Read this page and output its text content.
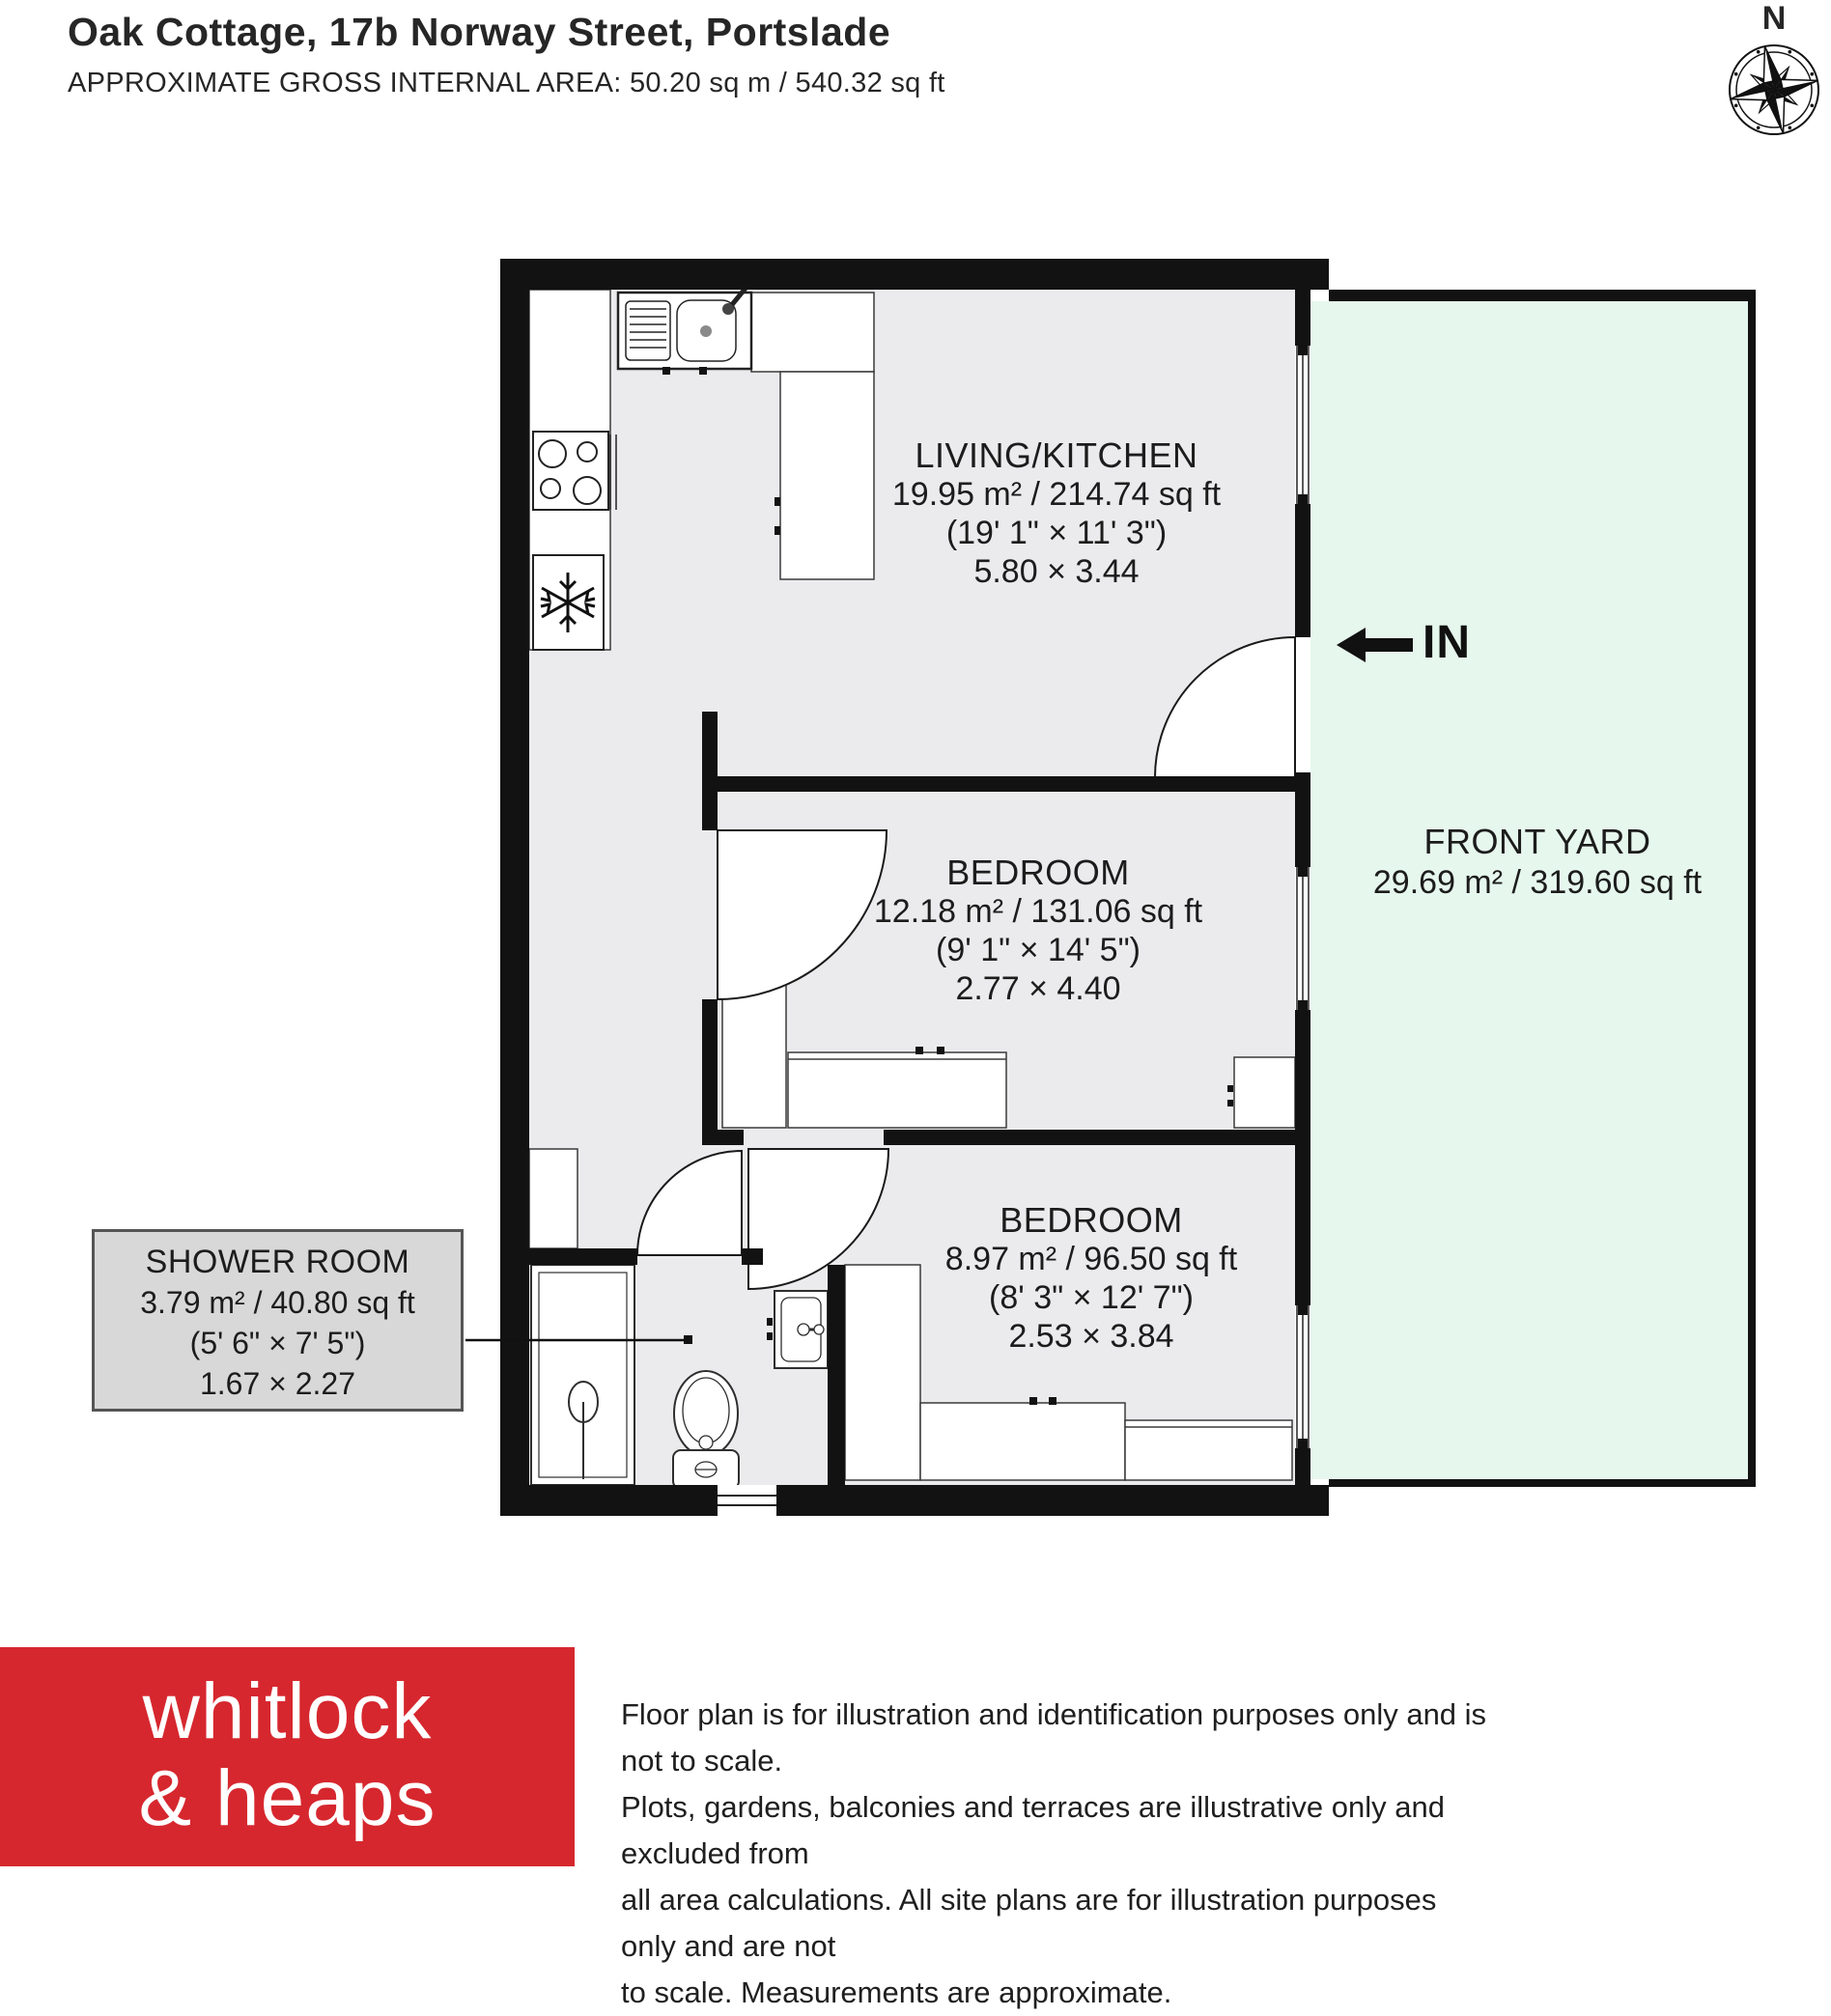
Oak Cottage, 17b Norway Street, Portslade
APPROXIMATE GROSS INTERNAL AREA: 50.20 sq m / 540.32 sq ft
N
LIVING/KITCHEN
19.95 m² / 214.74 sq ft
(19' 1" × 11' 3")
5.80 × 3.44
BEDROOM
12.18 m² / 131.06 sq ft
(9' 1" × 14' 5")
2.77 × 4.40
BEDROOM
8.97 m² / 96.50 sq ft
(8' 3" × 12' 7")
2.53 × 3.84
FRONT YARD
29.69 m² / 319.60 sq ft
SHOWER ROOM
3.79 m² / 40.80 sq ft
(5' 6" × 7' 5")
1.67 × 2.27
IN
whitlock
& heaps
Floor plan is for illustration and identification purposes only and is not to scale.
Plots, gardens, balconies and terraces are illustrative only and excluded from
all area calculations. All site plans are for illustration purposes only and are not
to scale. Measurements are approximate.
